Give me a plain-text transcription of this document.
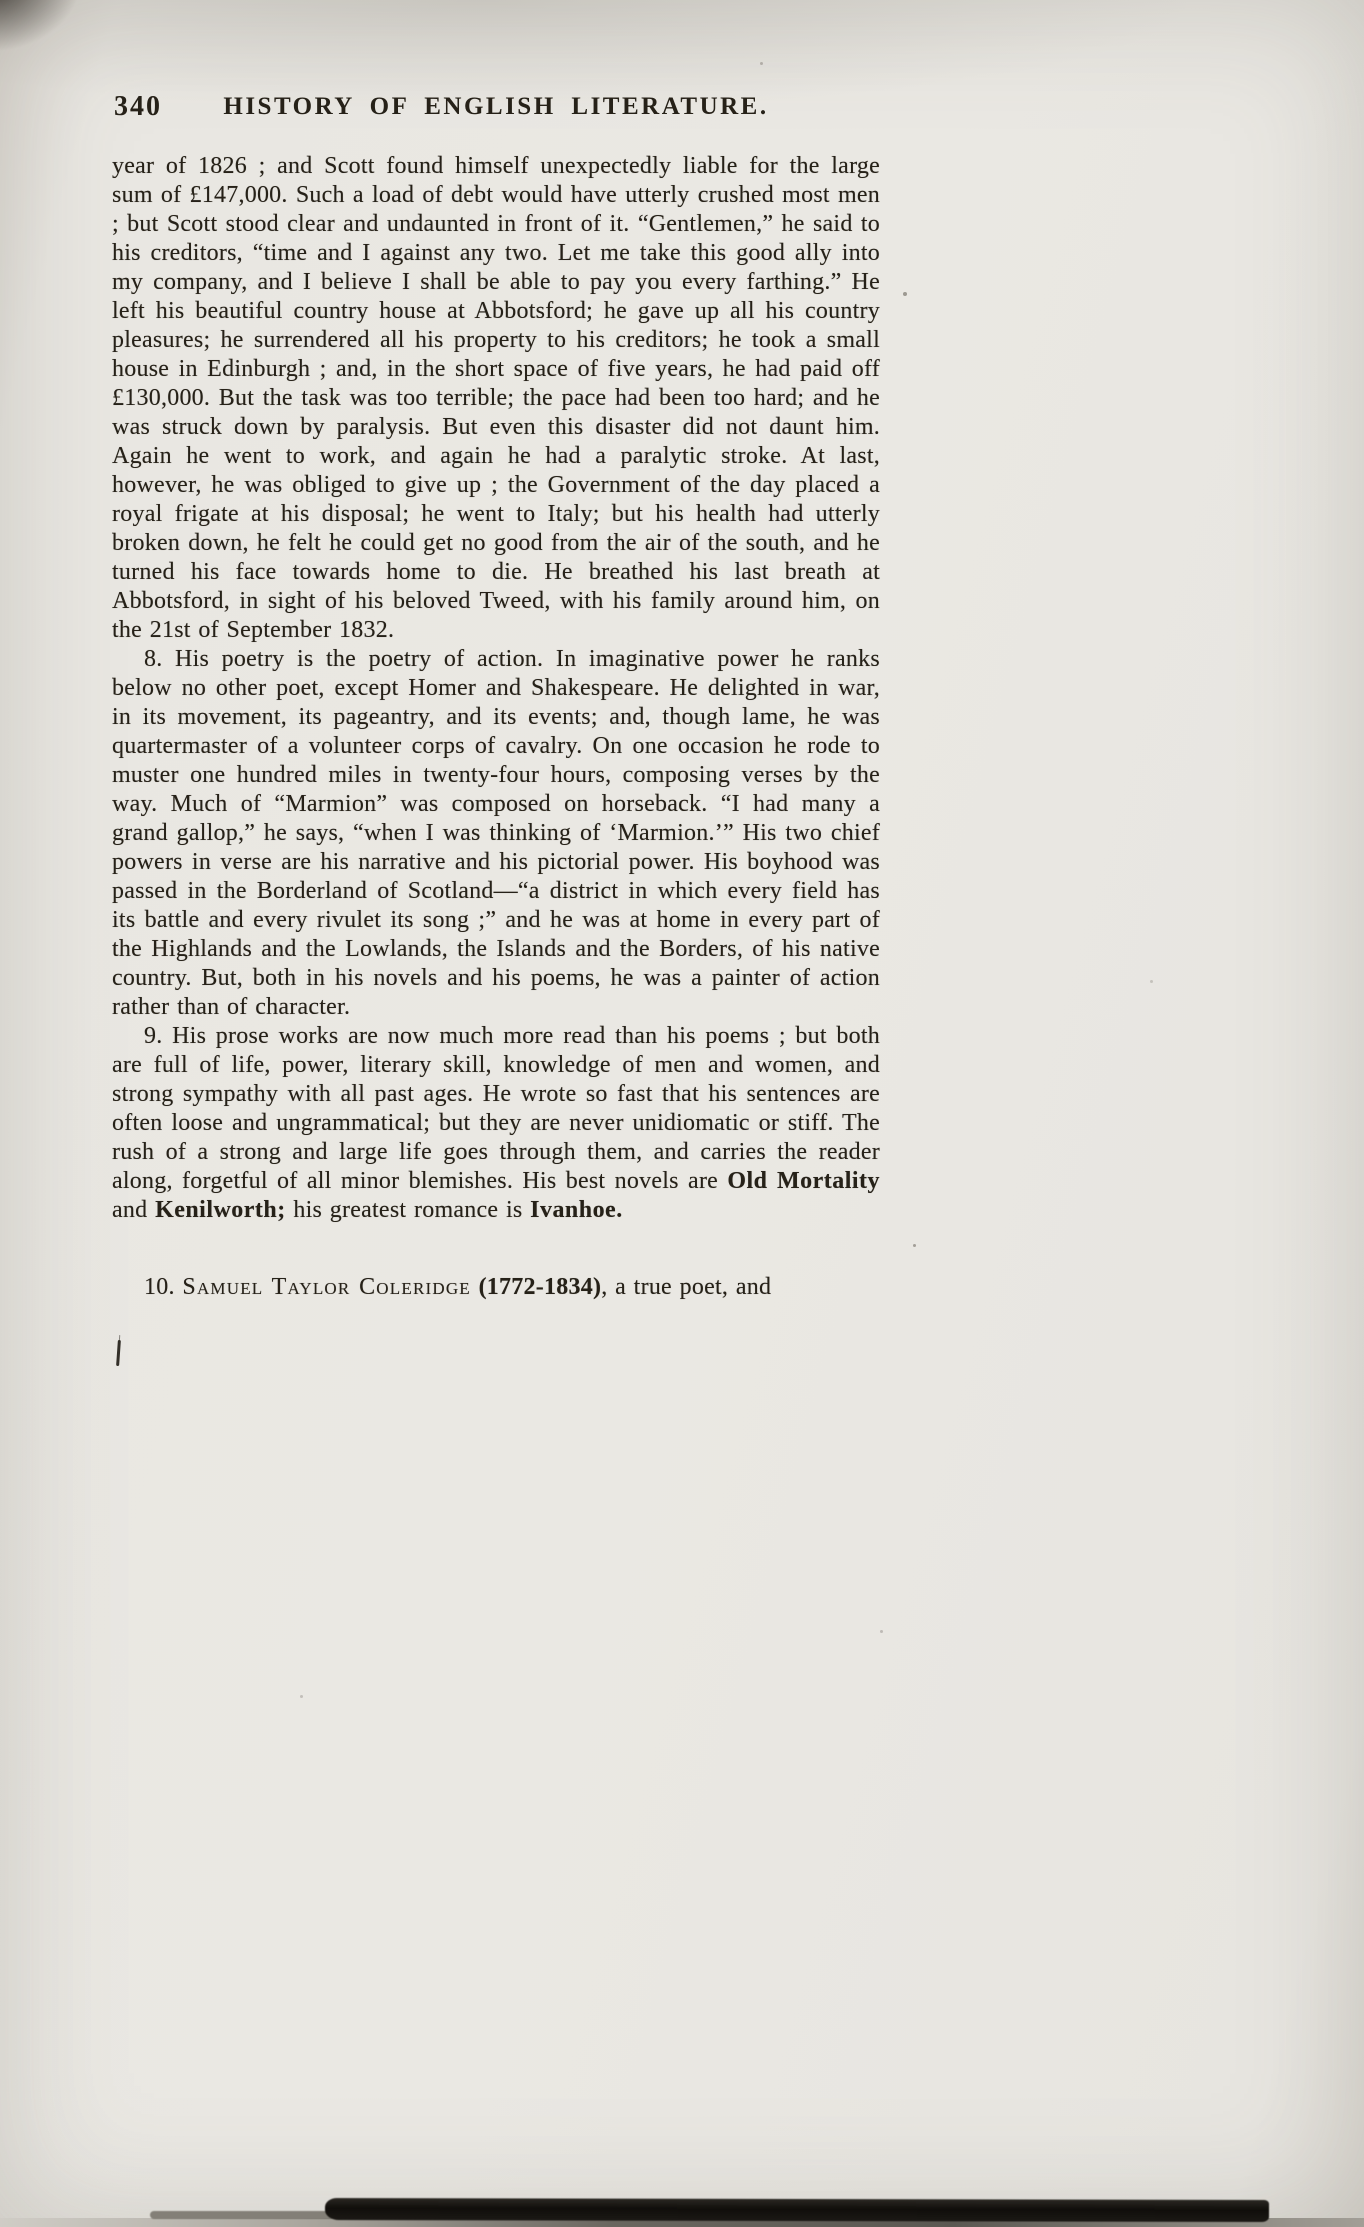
340	HISTORY OF ENGLISH LITERATURE.

year of 1826 ; and Scott found himself unexpectedly liable for the large sum of £147,000. Such a load of debt would have utterly crushed most men ; but Scott stood clear and undaunted in front of it. “Gentlemen,” he said to his creditors, “time and I against any two. Let me take this good ally into my company, and I believe I shall be able to pay you every farthing.” He left his beautiful country house at Abbotsford; he gave up all his country pleasures; he surrendered all his property to his creditors; he took a small house in Edinburgh ; and, in the short space of five years, he had paid off £130,000. But the task was too terrible; the pace had been too hard; and he was struck down by paralysis. But even this disaster did not daunt him. Again he went to work, and again he had a paralytic stroke. At last, however, he was obliged to give up ; the Government of the day placed a royal frigate at his disposal; he went to Italy; but his health had utterly broken down, he felt he could get no good from the air of the south, and he turned his face towards home to die. He breathed his last breath at Abbotsford, in sight of his beloved Tweed, with his family around him, on the 21st of September 1832.

8. His poetry is the poetry of action. In imaginative power he ranks below no other poet, except Homer and Shakespeare. He delighted in war, in its movement, its pageantry, and its events; and, though lame, he was quartermaster of a volunteer corps of cavalry. On one occasion he rode to muster one hundred miles in twenty-four hours, composing verses by the way. Much of “Marmion” was composed on horseback. “I had many a grand gallop,” he says, “when I was thinking of ‘Marmion.’” His two chief powers in verse are his narrative and his pictorial power. His boyhood was passed in the Borderland of Scotland—“a district in which every field has its battle and every rivulet its song ;” and he was at home in every part of the Highlands and the Lowlands, the Islands and the Borders, of his native country. But, both in his novels and his poems, he was a painter of action rather than of character.

9. His prose works are now much more read than his poems ; but both are full of life, power, literary skill, knowledge of men and women, and strong sympathy with all past ages. He wrote so fast that his sentences are often loose and ungrammatical; but they are never unidiomatic or stiff. The rush of a strong and large life goes through them, and carries the reader along, forgetful of all minor blemishes. His best novels are Old Mortality and Kenilworth; his greatest romance is Ivanhoe.

10. Samuel Taylor Coleridge (1772-1834), a true poet, and
